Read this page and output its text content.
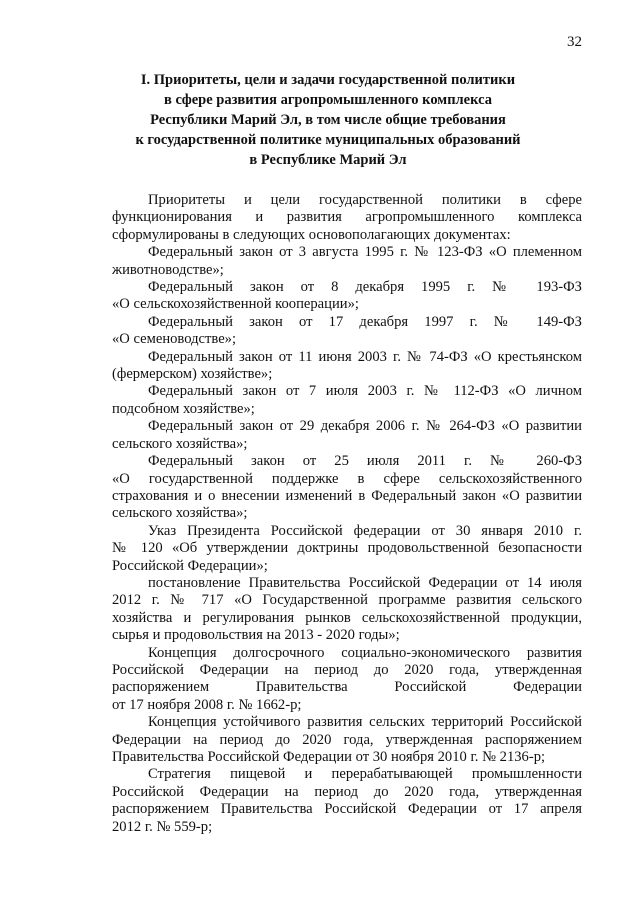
32
I. Приоритеты, цели и задачи государственной политики
в сфере развития агропромышленного комплекса
Республики Марий Эл, в том числе общие требования
к государственной политике муниципальных образований
в Республике Марий Эл
Приоритеты и цели государственной политики в сфере
функционирования и развития агропромышленного комплекса
сформулированы в следующих основополагающих документах:
Федеральный закон от 3 августа 1995 г. № 123-ФЗ «О племенном
животноводстве»;
Федеральный закон от 8 декабря 1995 г. № 193-ФЗ
«О сельскохозяйственной кооперации»;
Федеральный закон от 17 декабря 1997 г. № 149-ФЗ
«О семеноводстве»;
Федеральный закон от 11 июня 2003 г. № 74-ФЗ «О крестьянском
(фермерском) хозяйстве»;
Федеральный закон от 7 июля 2003 г. № 112-ФЗ «О личном
подсобном хозяйстве»;
Федеральный закон от 29 декабря 2006 г. № 264-ФЗ «О развитии
сельского хозяйства»;
Федеральный закон от 25 июля 2011 г. № 260-ФЗ
«О государственной поддержке в сфере сельскохозяйственного
страхования и о внесении изменений в Федеральный закон «О развитии
сельского хозяйства»;
Указ Президента Российской федерации от 30 января 2010 г.
№ 120 «Об утверждении доктрины продовольственной безопасности
Российской Федерации»;
постановление Правительства Российской Федерации от 14 июля
2012 г. № 717 «О Государственной программе развития сельского
хозяйства и регулирования рынков сельскохозяйственной продукции,
сырья и продовольствия на 2013 - 2020 годы»;
Концепция долгосрочного социально-экономического развития
Российской Федерации на период до 2020 года, утвержденная
распоряжением Правительства Российской Федерации
от 17 ноября 2008 г. № 1662-р;
Концепция устойчивого развития сельских территорий Российской
Федерации на период до 2020 года, утвержденная распоряжением
Правительства Российской Федерации от 30 ноября 2010 г. № 2136-р;
Стратегия пищевой и перерабатывающей промышленности
Российской Федерации на период до 2020 года, утвержденная
распоряжением Правительства Российской Федерации от 17 апреля
2012 г. № 559-р;
